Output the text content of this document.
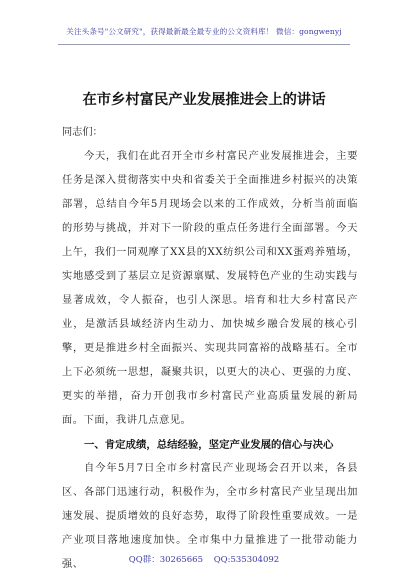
关注头条号"公文研究"，获得最新最全最专业的公文资料库！ 微信：gongwenyj
在市乡村富民产业发展推进会上的讲话
同志们：

今天，我们在此召开全市乡村富民产业发展推进会，主要任务是深入贯彻落实中央和省委关于全面推进乡村振兴的决策部署，总结自今年5月现场会以来的工作成效，分析当前面临的形势与挑战，并对下一阶段的重点任务进行全面部署。今天上午，我们一同观摩了XX县的XX纺织公司和XX蛋鸡养殖场，实地感受到了基层立足资源禀赋、发展特色产业的生动实践与显著成效，令人振奋，也引人深思。培育和壮大乡村富民产业，是激活县域经济内生动力、加快城乡融合发展的核心引擎，更是推进乡村全面振兴、实现共同富裕的战略基石。全市上下必须统一思想，凝聚共识，以更大的决心、更强的力度、更实的举措，奋力开创我市乡村富民产业高质量发展的新局面。下面，我讲几点意见。

一、肯定成绩，总结经验，坚定产业发展的信心与决心

自今年5月7日全市乡村富民产业现场会召开以来，各县区、各部门迅速行动，积极作为，全市乡村富民产业呈现出加速发展、提质增效的良好态势，取得了阶段性重要成效。一是产业项目落地速度加快。全市集中力量推进了一批带动能力强、	QQ群：30265665 QQ:535304092
